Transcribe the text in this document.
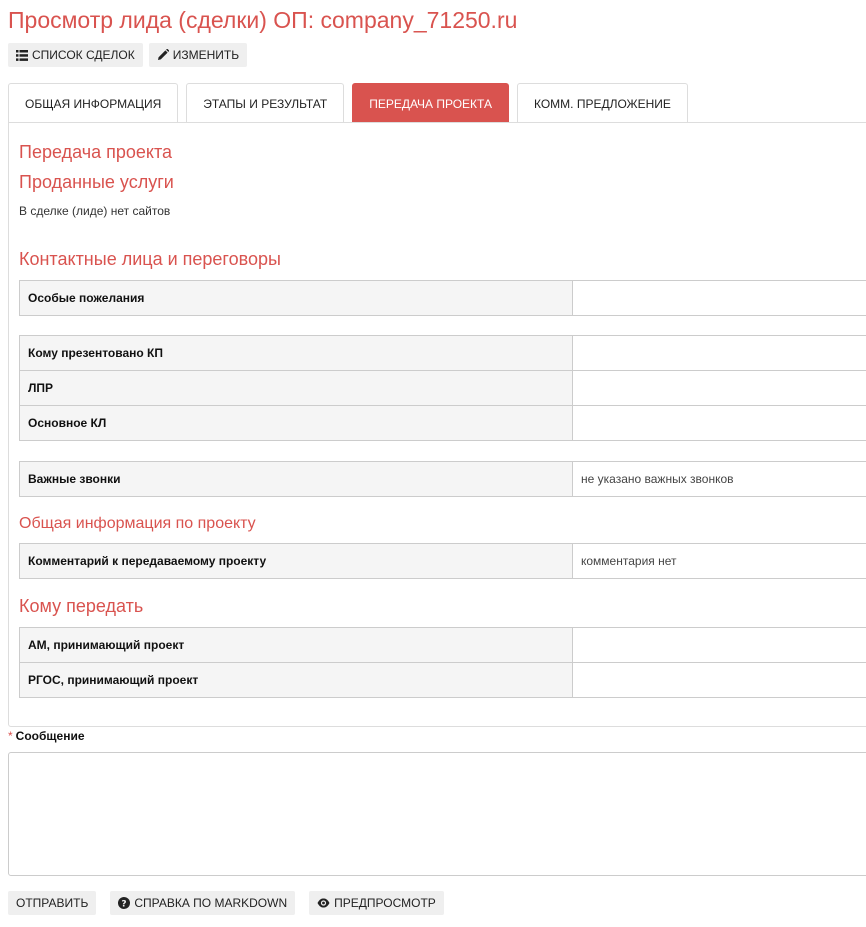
Просмотр лида (сделки) ОП: company_71250.ru
СПИСОК СДЕЛОК	ИЗМЕНИТЬ
ОБЩАЯ ИНФОРМАЦИЯ	ЭТАПЫ И РЕЗУЛЬТАТ	ПЕРЕДАЧА ПРОЕКТА	КОММ. ПРЕДЛОЖЕНИЕ
Передача проекта
Проданные услуги
В сделке (лиде) нет сайтов
Контактные лица и переговоры
Особые пожелания	
Кому презентовано КП	
ЛПР	
Основное КЛ	
Важные звонки	не указано важных звонков
Общая информация по проекту
Комментарий к передаваемому проекту	комментария нет
Кому передать
АМ, принимающий проект	
РГОС, принимающий проект	
* Сообщение
ОТПРАВИТЬ	? СПРАВКА ПО MARKDOWN	ПРЕДПРОСМОТР
